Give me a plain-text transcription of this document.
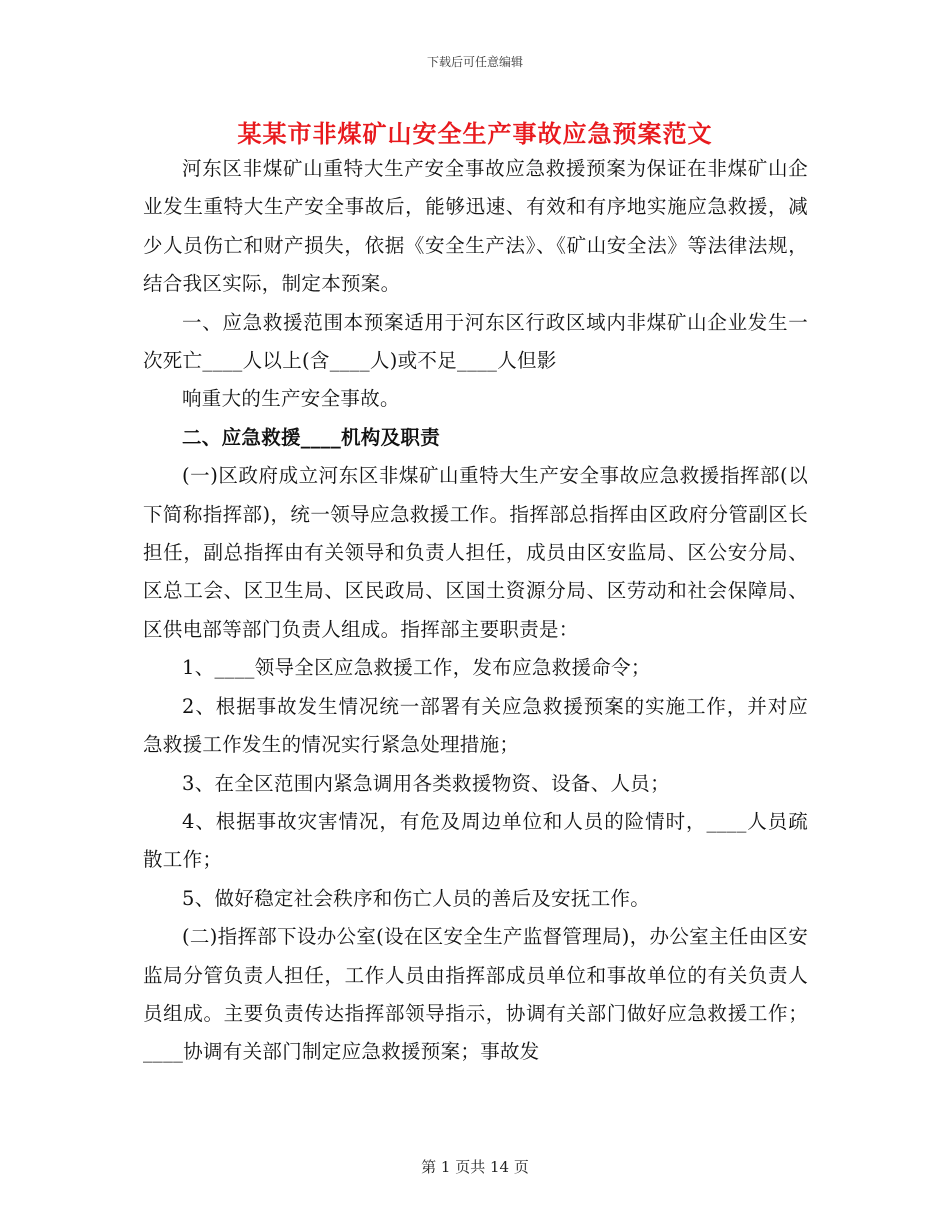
下载后可任意编辑
某某市非煤矿山安全生产事故应急预案范文

河东区非煤矿山重特大生产安全事故应急救援预案为保证在非煤矿山企业发生重特大生产安全事故后，能够迅速、有效和有序地实施应急救援，减少人员伤亡和财产损失，依据《安全生产法》、《矿山安全法》等法律法规，结合我区实际，制定本预案。

一、应急救援范围本预案适用于河东区行政区域内非煤矿山企业发生一次死亡____人以上(含____人)或不足____人但影

响重大的生产安全事故。

二、应急救援____机构及职责

(一)区政府成立河东区非煤矿山重特大生产安全事故应急救援指挥部(以下简称指挥部)，统一领导应急救援工作。指挥部总指挥由区政府分管副区长担任，副总指挥由有关领导和负责人担任，成员由区安监局、区公安分局、区总工会、区卫生局、区民政局、区国土资源分局、区劳动和社会保障局、区供电部等部门负责人组成。指挥部主要职责是：

1、____领导全区应急救援工作，发布应急救援命令；

2、根据事故发生情况统一部署有关应急救援预案的实施工作，并对应急救援工作发生的情况实行紧急处理措施；

3、在全区范围内紧急调用各类救援物资、设备、人员；

4、根据事故灾害情况，有危及周边单位和人员的险情时，____人员疏散工作；

5、做好稳定社会秩序和伤亡人员的善后及安抚工作。

(二)指挥部下设办公室(设在区安全生产监督管理局)，办公室主任由区安监局分管负责人担任，工作人员由指挥部成员单位和事故单位的有关负责人员组成。主要负责传达指挥部领导指示，协调有关部门做好应急救援工作；____协调有关部门制定应急救援预案；事故发

第 1 页共 14 页
